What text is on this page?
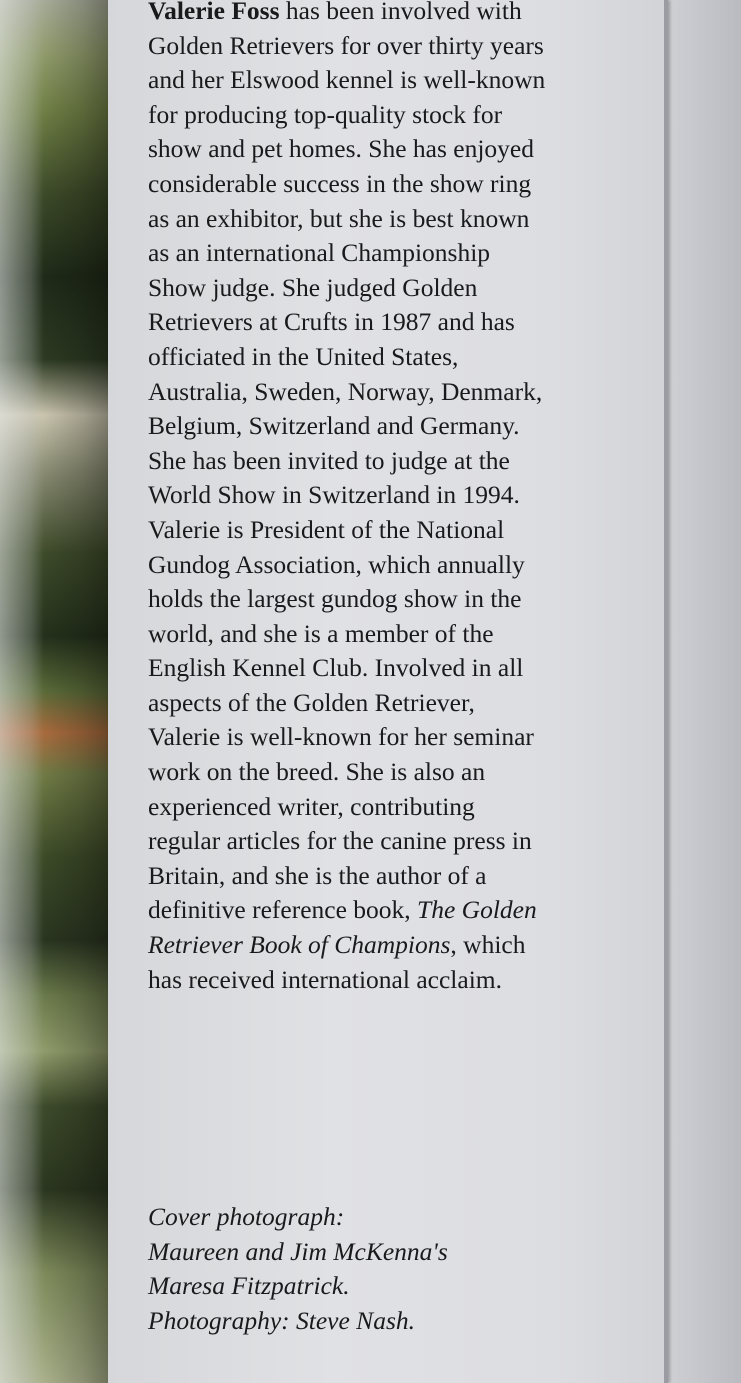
Valerie Foss has been involved with
Golden Retrievers for over thirty years
and her Elswood kennel is well-known
for producing top-quality stock for
show and pet homes. She has enjoyed
considerable success in the show ring
as an exhibitor, but she is best known
as an international Championship
Show judge. She judged Golden
Retrievers at Crufts in 1987 and has
officiated in the United States,
Australia, Sweden, Norway, Denmark,
Belgium, Switzerland and Germany.
She has been invited to judge at the
World Show in Switzerland in 1994.
Valerie is President of the National
Gundog Association, which annually
holds the largest gundog show in the
world, and she is a member of the
English Kennel Club. Involved in all
aspects of the Golden Retriever,
Valerie is well-known for her seminar
work on the breed. She is also an
experienced writer, contributing
regular articles for the canine press in
Britain, and she is the author of a
definitive reference book, The Golden
Retriever Book of Champions, which
has received international acclaim.
Cover photograph:
Maureen and Jim McKenna's
Maresa Fitzpatrick.
Photography: Steve Nash.
